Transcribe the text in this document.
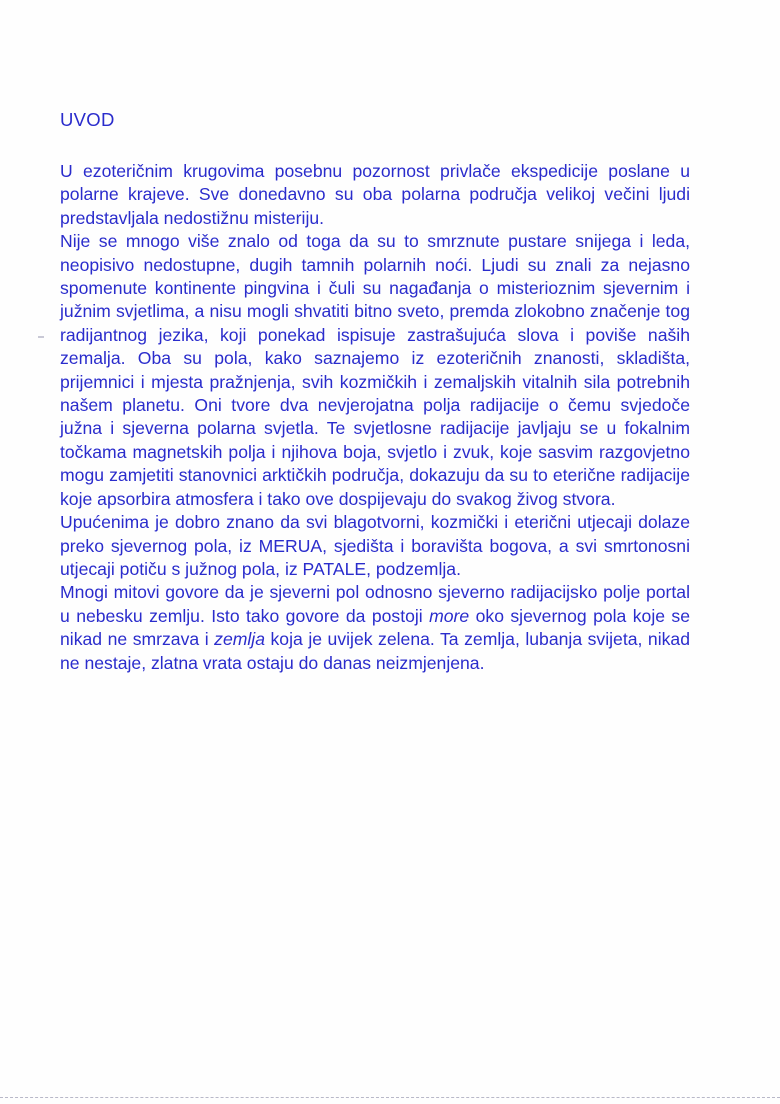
UVOD

U ezoteričnim krugovima posebnu pozornost privlače ekspedicije poslane u polarne krajeve. Sve donedavno su oba polarna područja velikoj večini ljudi predstavljala nedostižnu misteriju.

Nije se mnogo više znalo od toga da su to smrznute pustare snijega i leda, neopisivo nedostupne, dugih tamnih polarnih noći. Ljudi su znali za nejasno spomenute kontinente pingvina i čuli su nagađanja o misterioznim sjevernim i južnim svjetlima, a nisu mogli shvatiti bitno sveto, premda zlokobno značenje tog radijantnog jezika, koji ponekad ispisuje zastrašujuća slova i poviše naših zemalja. Oba su pola, kako saznajemo iz ezoteričnih znanosti, skladišta, prijemnici i mjesta pražnjenja, svih kozmičkih i zemaljskih vitalnih sila potrebnih našem planetu. Oni tvore dva nevjerojatna polja radijacije o čemu svjedoče južna i sjeverna polarna svjetla. Te svjetlosne radijacije javljaju se u fokalnim točkama magnetskih polja i njihova boja, svjetlo i zvuk, koje sasvim razgovjetno mogu zamjetiti stanovnici arktičkih područja, dokazuju da su to eterične radijacije koje apsorbira atmosfera i tako ove dospijevaju do svakog živog stvora.

Upućenima je dobro znano da svi blagotvorni, kozmički i eterični utjecaji dolaze preko sjevernog pola, iz MERUA, sjedišta i boravišta bogova, a svi smrtonosni utjecaji potiču s južnog pola, iz PATALE, podzemlja.

Mnogi mitovi govore da je sjeverni pol odnosno sjeverno radijacijsko polje portal u nebesku zemlju. Isto tako govore da postoji more oko sjevernog pola koje se nikad ne smrzava i zemlja koja je uvijek zelena. Ta zemlja, lubanja svijeta, nikad ne nestaje, zlatna vrata ostaju do danas neizmjenjena.
